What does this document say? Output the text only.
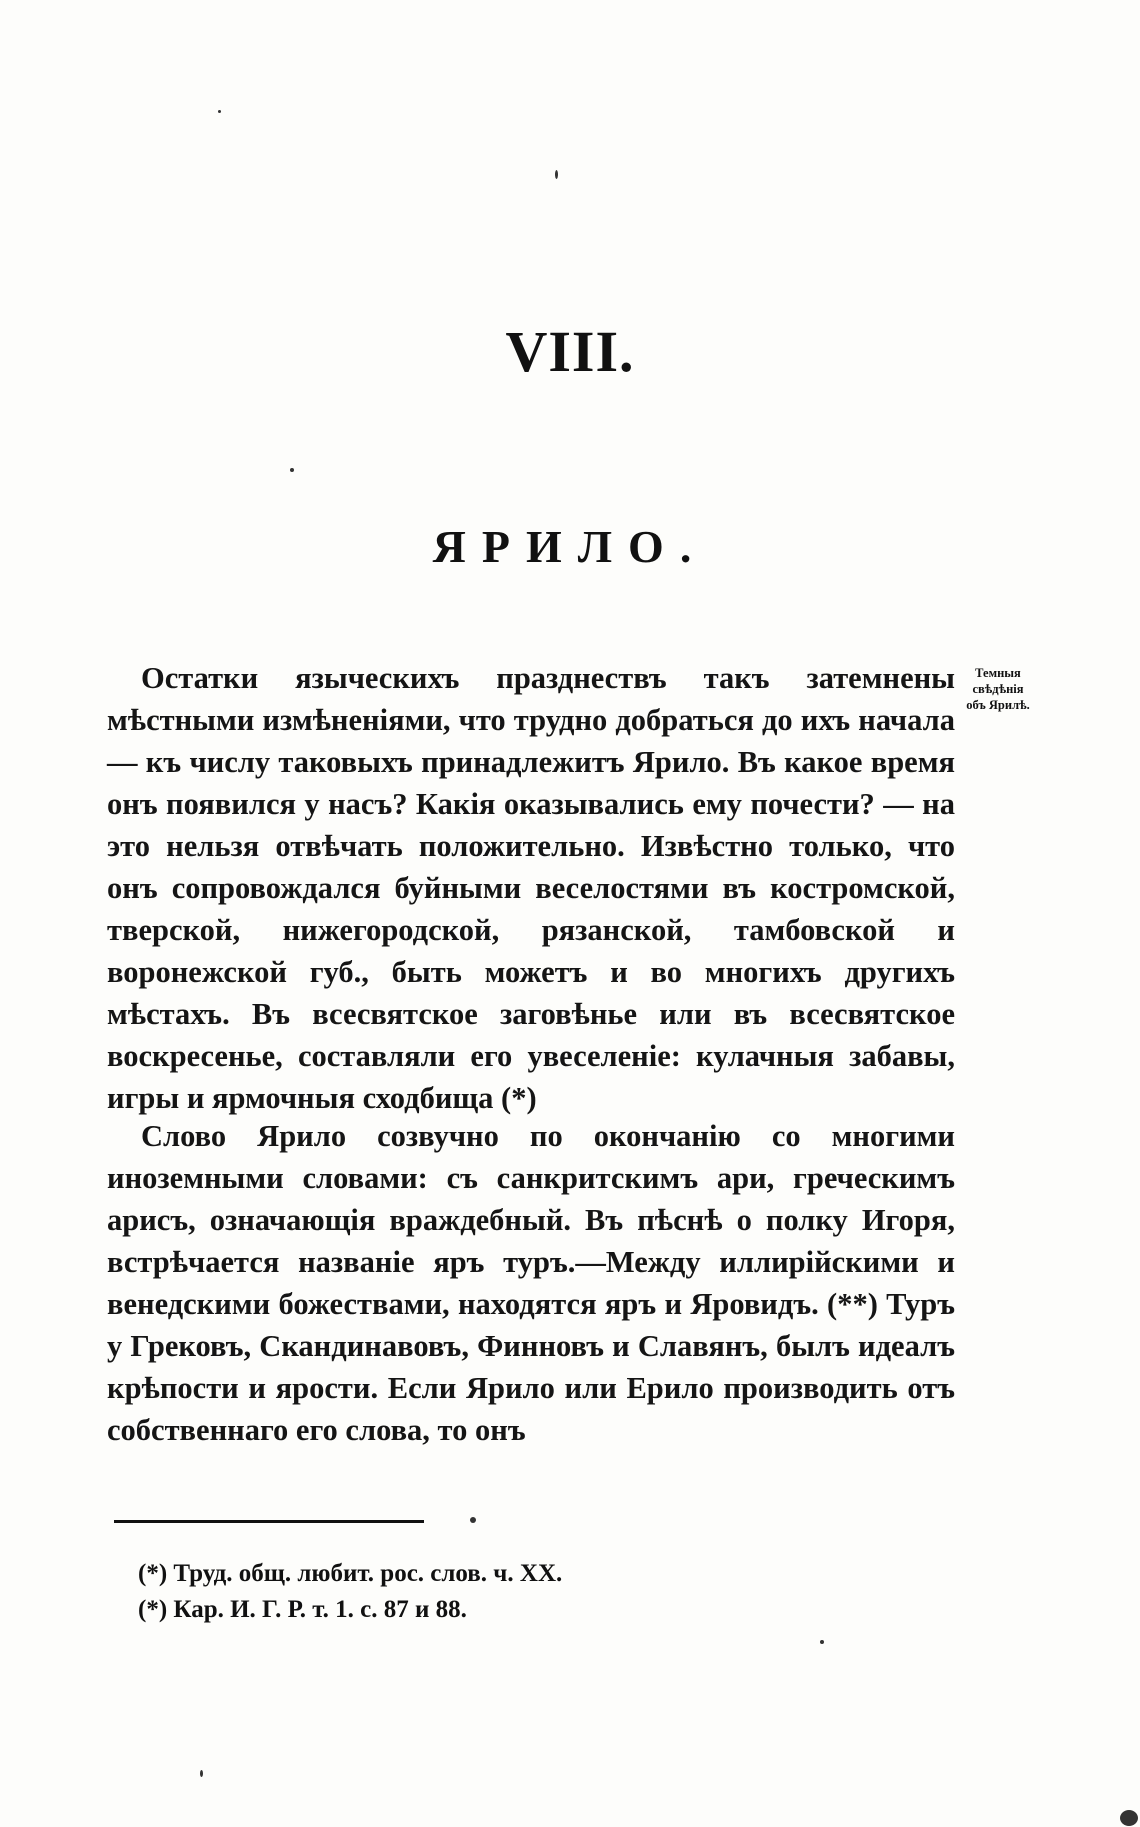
VIII.
ЯРИЛО.

Остатки языческихъ празднествъ такъ затемнены мѣстными измѣненіями, что трудно добраться до ихъ начала — къ числу таковыхъ принадлежитъ Ярило. Въ какое время онъ появился у насъ? Какія оказывались ему почести? — на это нельзя отвѣчать положительно. Извѣстно только, что онъ сопровождался буйными веселостями въ костромской, тверской, нижегородской, рязанской, тамбовской и воронежской губ., быть можетъ и во многихъ другихъ мѣстахъ. Въ всесвятское заговѣнье или въ всесвятское воскресенье, составляли его увеселеніе: кулачныя забавы, игры и ярмочныя сходбища (*)

Слово Ярило созвучно по окончанію со многими иноземными словами: съ санкритскимъ ари, греческимъ арисъ, означающія враждебный. Въ пѣснѣ о полку Игоря, встрѣчается названіе яръ туръ.—Между иллирійскими и венедскими божествами, находятся яръ и Яровидъ. (**) Туръ у Грековъ, Скандинавовъ, Финновъ и Славянъ, былъ идеалъ крѣпости и ярости. Если Ярило или Ерило производить отъ собственнаго его слова, то онъ

Темныя свѣдѣнія объ Ярилѣ.

(*) Труд. общ. любит. рос. слов. ч. XX.

(*) Кар. И. Г. Р. т. 1. с. 87 и 88.
